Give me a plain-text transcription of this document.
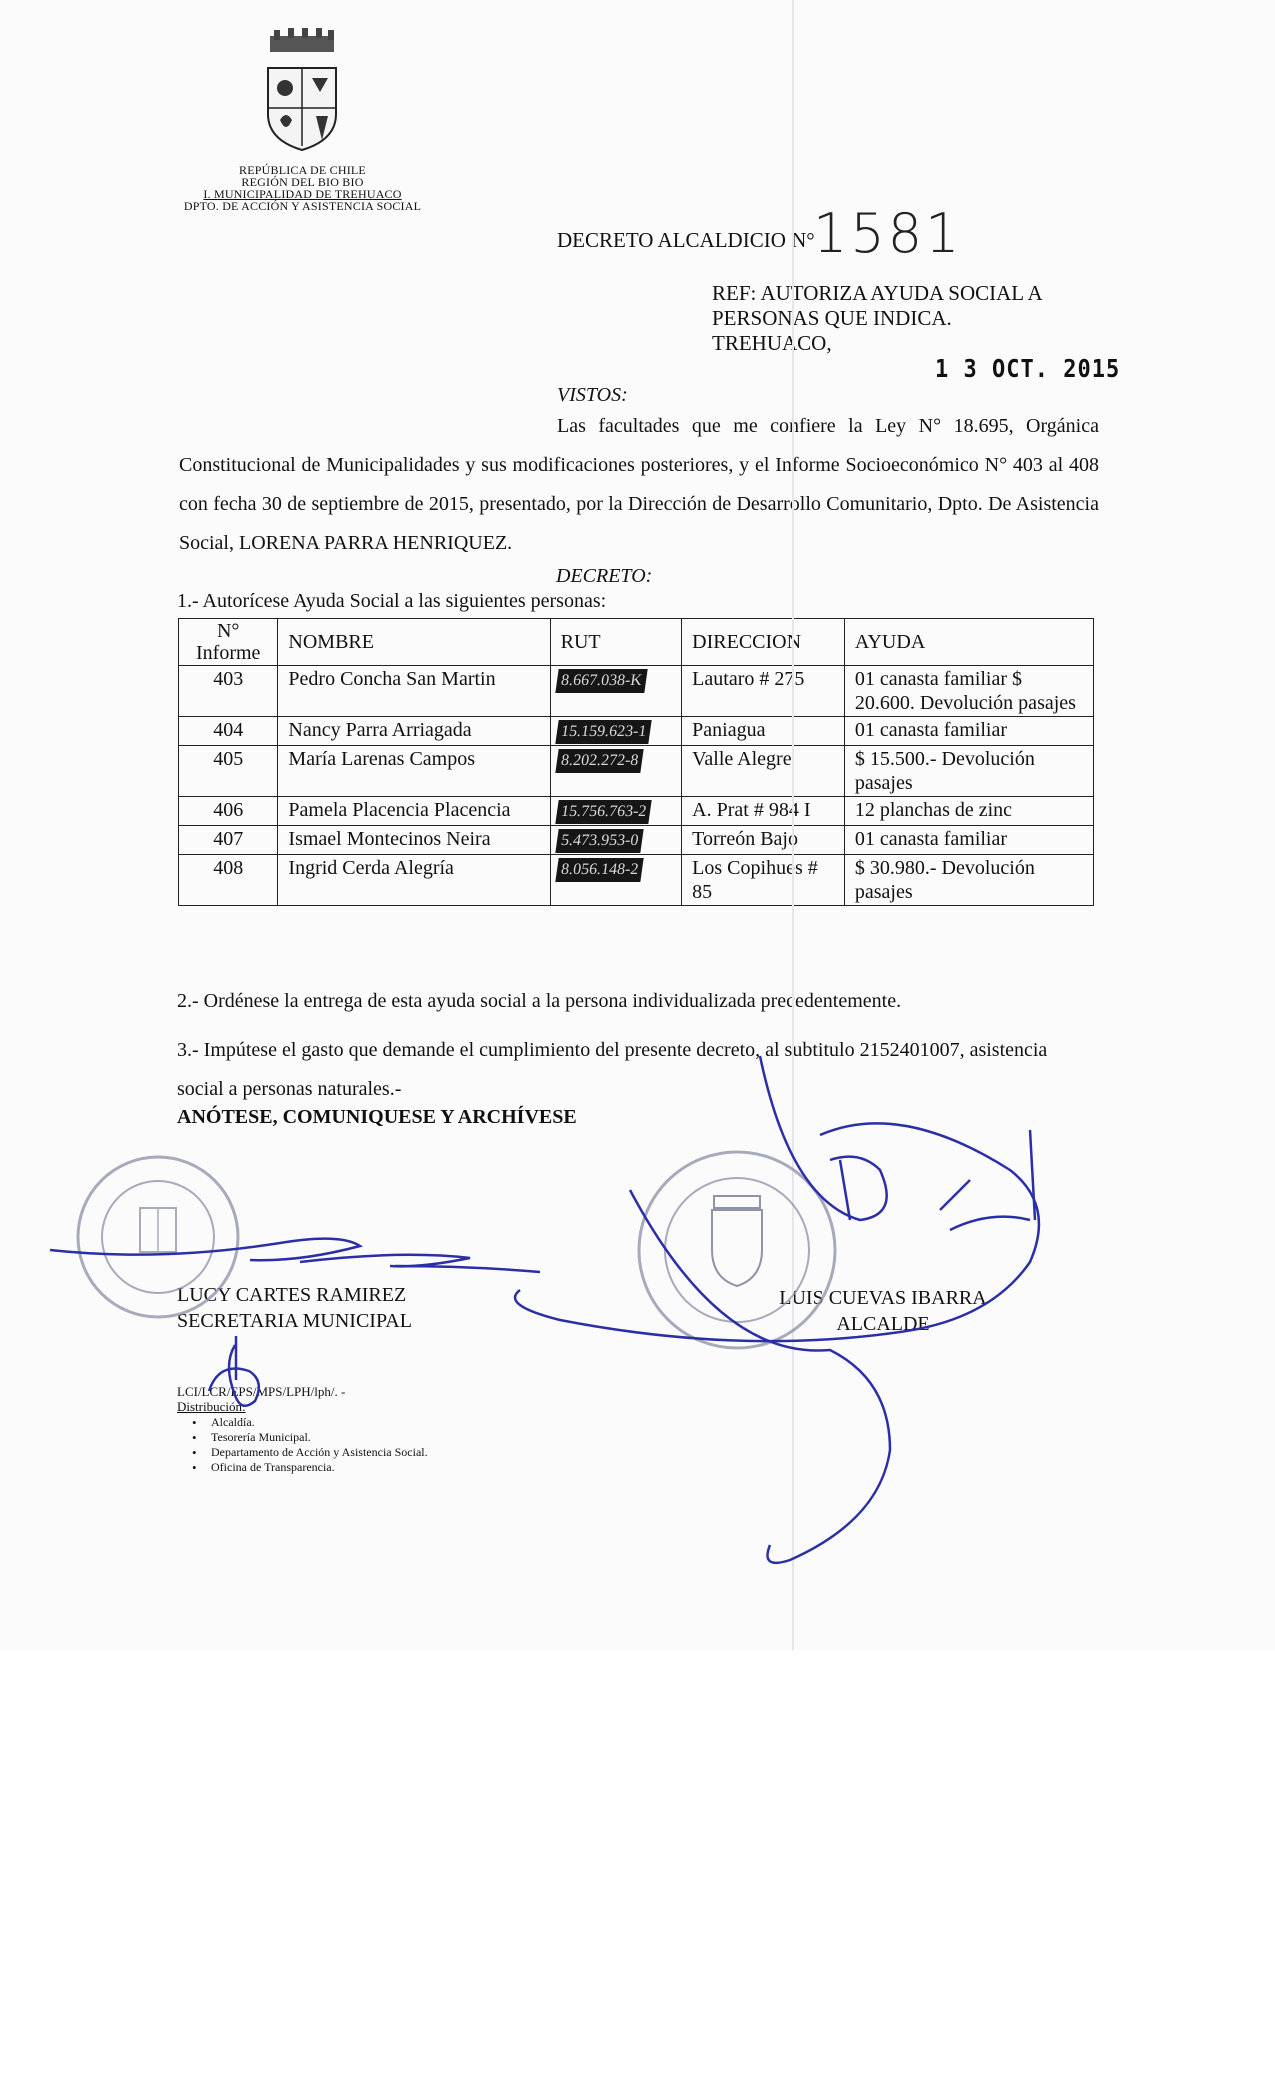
REPÚBLICA DE CHILE
REGIÓN DEL BIO BIO
I. MUNICIPALIDAD DE TREHUACO
DPTO. DE ACCIÓN Y ASISTENCIA SOCIAL
DECRETO ALCALDICIO N°
1581
REF: AUTORIZA AYUDA SOCIAL A
PERSONAS QUE INDICA.
TREHUACO,
1 3 OCT. 2015
VISTOS:
Las facultades que me confiere la Ley N° 18.695, Orgánica Constitucional de Municipalidades y sus modificaciones posteriores, y el Informe Socioeconómico N° 403 al 408 con fecha 30 de septiembre de 2015, presentado, por la Dirección de Desarrollo Comunitario, Dpto. De Asistencia Social, LORENA PARRA HENRIQUEZ.
DECRETO:
1.- Autorícese Ayuda Social a las siguientes personas:
N° Informe	NOMBRE	RUT	DIRECCION	AYUDA
403	Pedro Concha San Martin	8.667.038-K	Lautaro # 275	01 canasta familiar $ 20.600. Devolución pasajes
404	Nancy Parra Arriagada	15.159.623-1	Paniagua	01 canasta familiar
405	María Larenas Campos	8.202.272-8	Valle Alegre	$ 15.500.- Devolución pasajes
406	Pamela Placencia Placencia	15.756.763-2	A. Prat # 984 I	12 planchas de zinc
407	Ismael Montecinos Neira	5.473.953-0	Torreón Bajo	01 canasta familiar
408	Ingrid Cerda Alegría	8.056.148-2	Los Copihues # 85	$ 30.980.- Devolución pasajes
2.- Ordénese la entrega de esta ayuda social a la persona individualizada precedentemente.
3.- Impútese el gasto que demande el cumplimiento del presente decreto, al subtitulo 2152401007, asistencia social a personas naturales.-
ANÓTESE, COMUNIQUESE Y ARCHÍVESE
LUCY CARTES RAMIREZ
SECRETARIA MUNICIPAL
LUIS CUEVAS IBARRA
ALCALDE
LCI/LCR/EPS/MPS/LPH/lph/. -
Distribución:
• Alcaldía.
• Tesorería Municipal.
• Departamento de Acción y Asistencia Social.
• Oficina de Transparencia.
